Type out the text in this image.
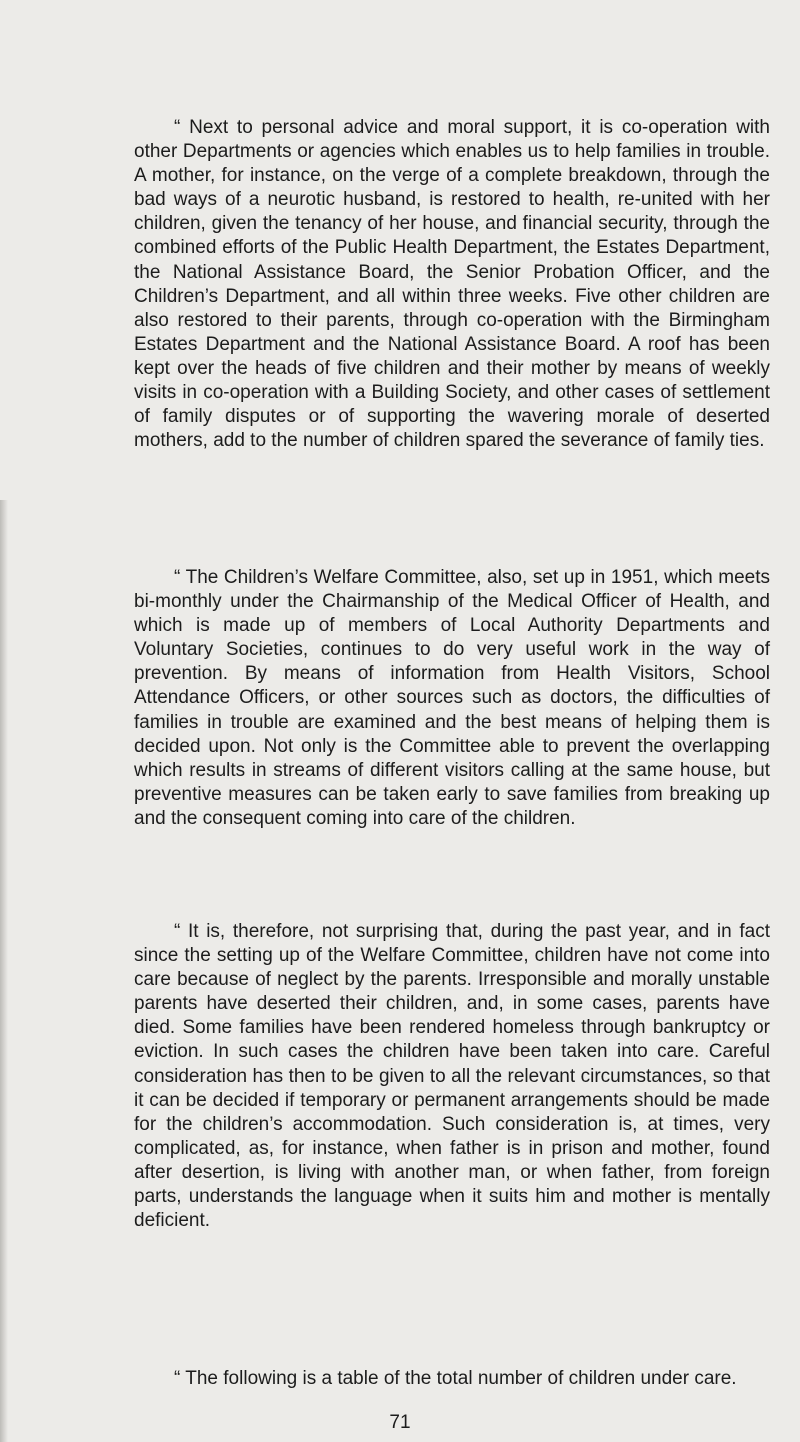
“ Next to personal advice and moral support, it is co-operation with other Departments or agencies which enables us to help families in trouble. A mother, for instance, on the verge of a complete breakdown, through the bad ways of a neurotic husband, is restored to health, re-united with her children, given the tenancy of her house, and financial security, through the combined efforts of the Public Health Department, the Estates Department, the National Assistance Board, the Senior Probation Officer, and the Children’s Department, and all within three weeks. Five other children are also restored to their parents, through co-operation with the Birmingham Estates Department and the National Assistance Board. A roof has been kept over the heads of five children and their mother by means of weekly visits in co-operation with a Building Society, and other cases of settlement of family disputes or of supporting the wavering morale of deserted mothers, add to the number of children spared the severance of family ties.

“ The Children’s Welfare Committee, also, set up in 1951, which meets bi-monthly under the Chairmanship of the Medical Officer of Health, and which is made up of members of Local Authority Departments and Voluntary Societies, continues to do very useful work in the way of prevention. By means of information from Health Visitors, School Attendance Officers, or other sources such as doctors, the difficulties of families in trouble are examined and the best means of helping them is decided upon. Not only is the Committee able to prevent the overlapping which results in streams of different visitors calling at the same house, but preventive measures can be taken early to save families from breaking up and the consequent coming into care of the children.

“ It is, therefore, not surprising that, during the past year, and in fact since the setting up of the Welfare Committee, children have not come into care because of neglect by the parents. Irresponsible and morally unstable parents have deserted their children, and, in some cases, parents have died. Some families have been rendered homeless through bankruptcy or eviction. In such cases the children have been taken into care. Careful consideration has then to be given to all the relevant circumstances, so that it can be decided if temporary or permanent arrangements should be made for the children’s accommodation. Such consideration is, at times, very complicated, as, for instance, when father is in prison and mother, found after desertion, is living with another man, or when father, from foreign parts, understands the language when it suits him and mother is mentally deficient.

“ The following is a table of the total number of children under care.

71
